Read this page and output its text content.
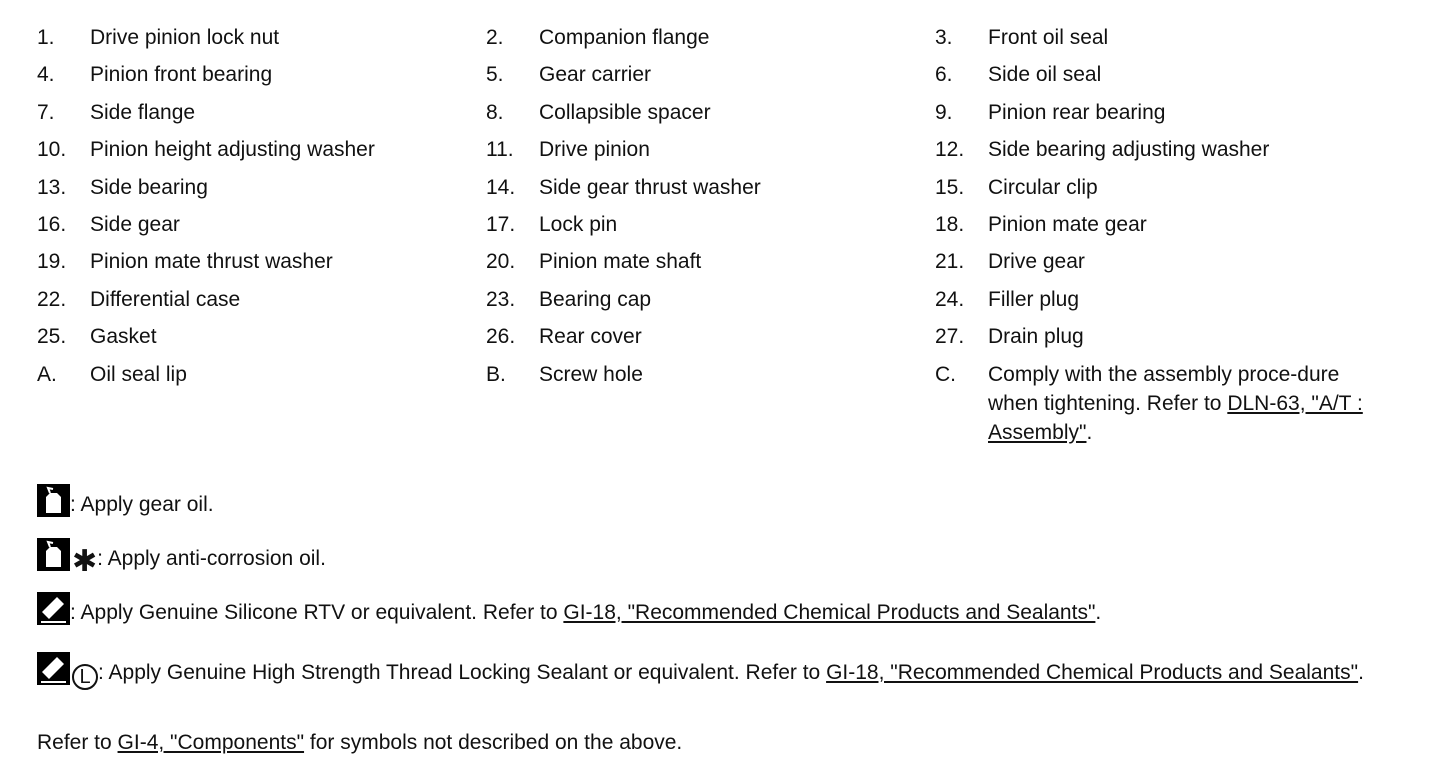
1. Drive pinion lock nut	2. Companion flange	3. Front oil seal
4. Pinion front bearing	5. Gear carrier	6. Side oil seal
7. Side flange	8. Collapsible spacer	9. Pinion rear bearing
10. Pinion height adjusting washer	11. Drive pinion	12. Side bearing adjusting washer
13. Side bearing	14. Side gear thrust washer	15. Circular clip
16. Side gear	17. Lock pin	18. Pinion mate gear
19. Pinion mate thrust washer	20. Pinion mate shaft	21. Drive gear
22. Differential case	23. Bearing cap	24. Filler plug
25. Gasket	26. Rear cover	27. Drain plug
A. Oil seal lip	B. Screw hole	C. Comply with the assembly proce-dure when tightening. Refer to DLN-63, "A/T : Assembly".
: Apply gear oil.
✱: Apply anti-corrosion oil.
: Apply Genuine Silicone RTV or equivalent. Refer to GI-18, "Recommended Chemical Products and Sealants".
L : Apply Genuine High Strength Thread Locking Sealant or equivalent. Refer to GI-18, "Recommended Chemical Products and Sealants".
Refer to GI-4, "Components" for symbols not described on the above.
